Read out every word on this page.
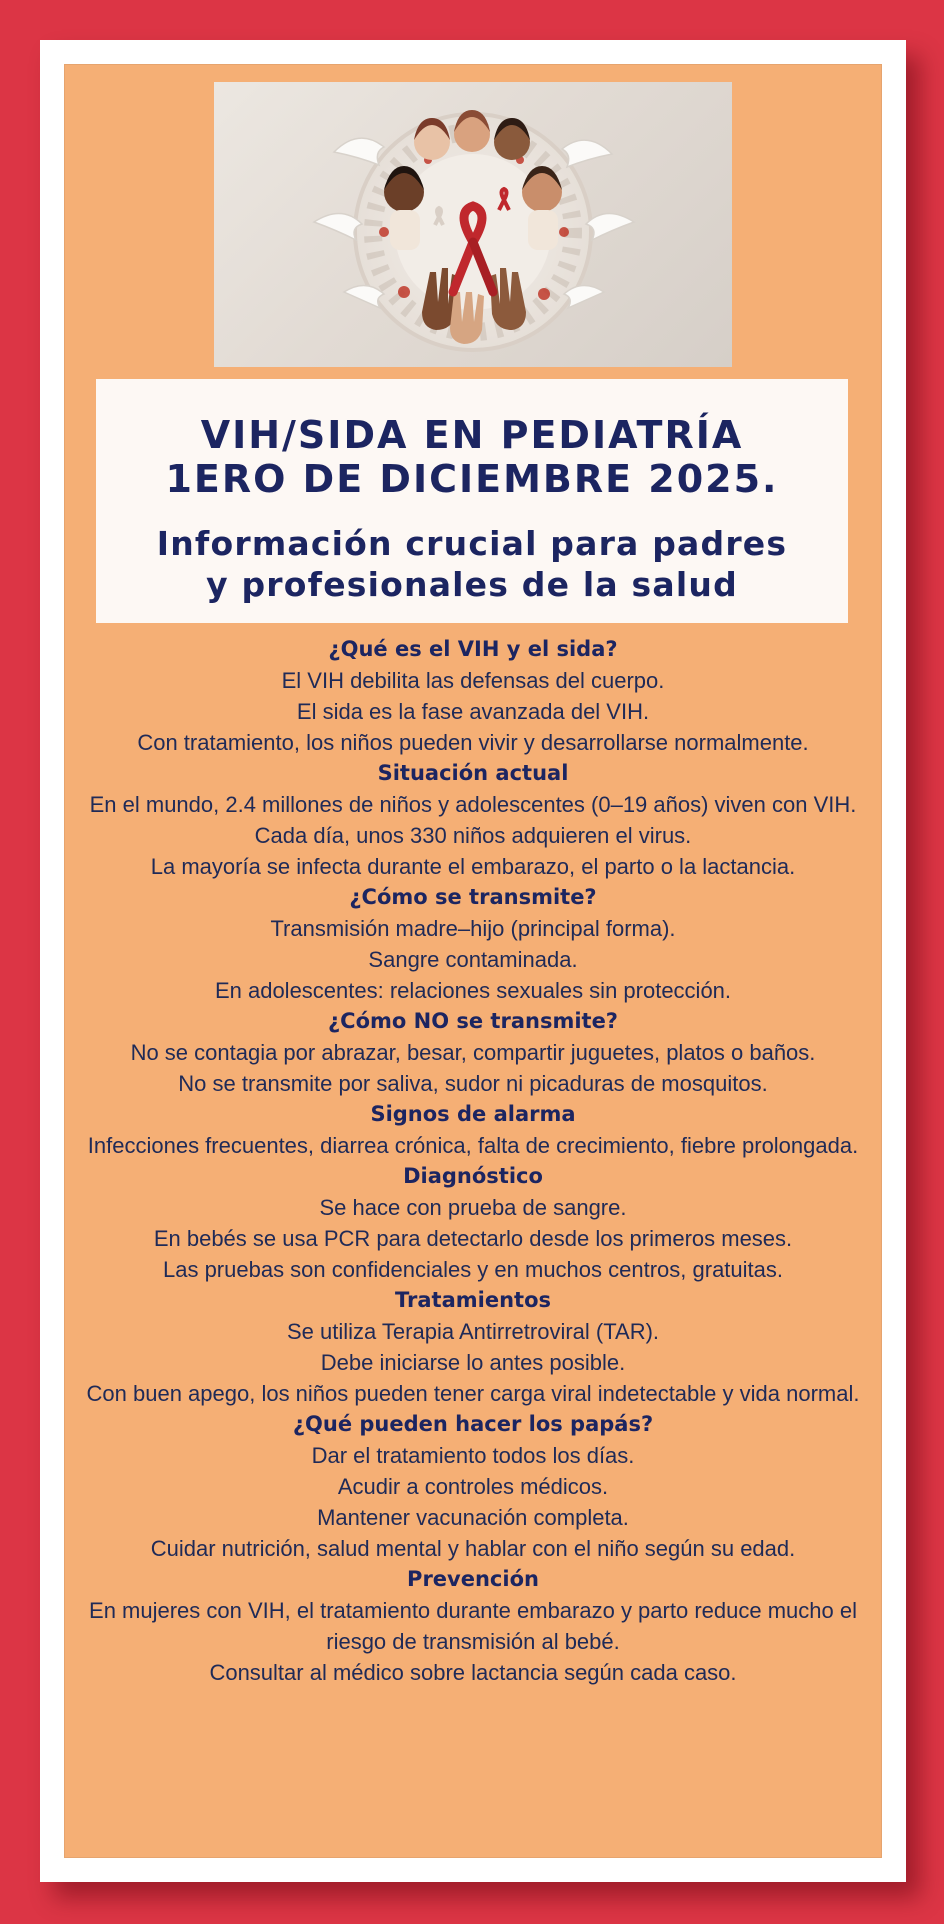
VIH/SIDA EN PEDIATRÍA
1ERO DE DICIEMBRE 2025.
Información crucial para padres
y profesionales de la salud
¿Qué es el VIH y el sida?
El VIH debilita las defensas del cuerpo.
El sida es la fase avanzada del VIH.
Con tratamiento, los niños pueden vivir y desarrollarse normalmente.
Situación actual
En el mundo, 2.4 millones de niños y adolescentes (0–19 años) viven con VIH.
Cada día, unos 330 niños adquieren el virus.
La mayoría se infecta durante el embarazo, el parto o la lactancia.
¿Cómo se transmite?
Transmisión madre–hijo (principal forma).
Sangre contaminada.
En adolescentes: relaciones sexuales sin protección.
¿Cómo NO se transmite?
No se contagia por abrazar, besar, compartir juguetes, platos o baños.
No se transmite por saliva, sudor ni picaduras de mosquitos.
Signos de alarma
Infecciones frecuentes, diarrea crónica, falta de crecimiento, fiebre prolongada.
Diagnóstico
Se hace con prueba de sangre.
En bebés se usa PCR para detectarlo desde los primeros meses.
Las pruebas son confidenciales y en muchos centros, gratuitas.
Tratamientos
Se utiliza Terapia Antirretroviral (TAR).
Debe iniciarse lo antes posible.
Con buen apego, los niños pueden tener carga viral indetectable y vida normal.
¿Qué pueden hacer los papás?
Dar el tratamiento todos los días.
Acudir a controles médicos.
Mantener vacunación completa.
Cuidar nutrición, salud mental y hablar con el niño según su edad.
Prevención
En mujeres con VIH, el tratamiento durante embarazo y parto reduce mucho el riesgo de transmisión al bebé.
Consultar al médico sobre lactancia según cada caso.
